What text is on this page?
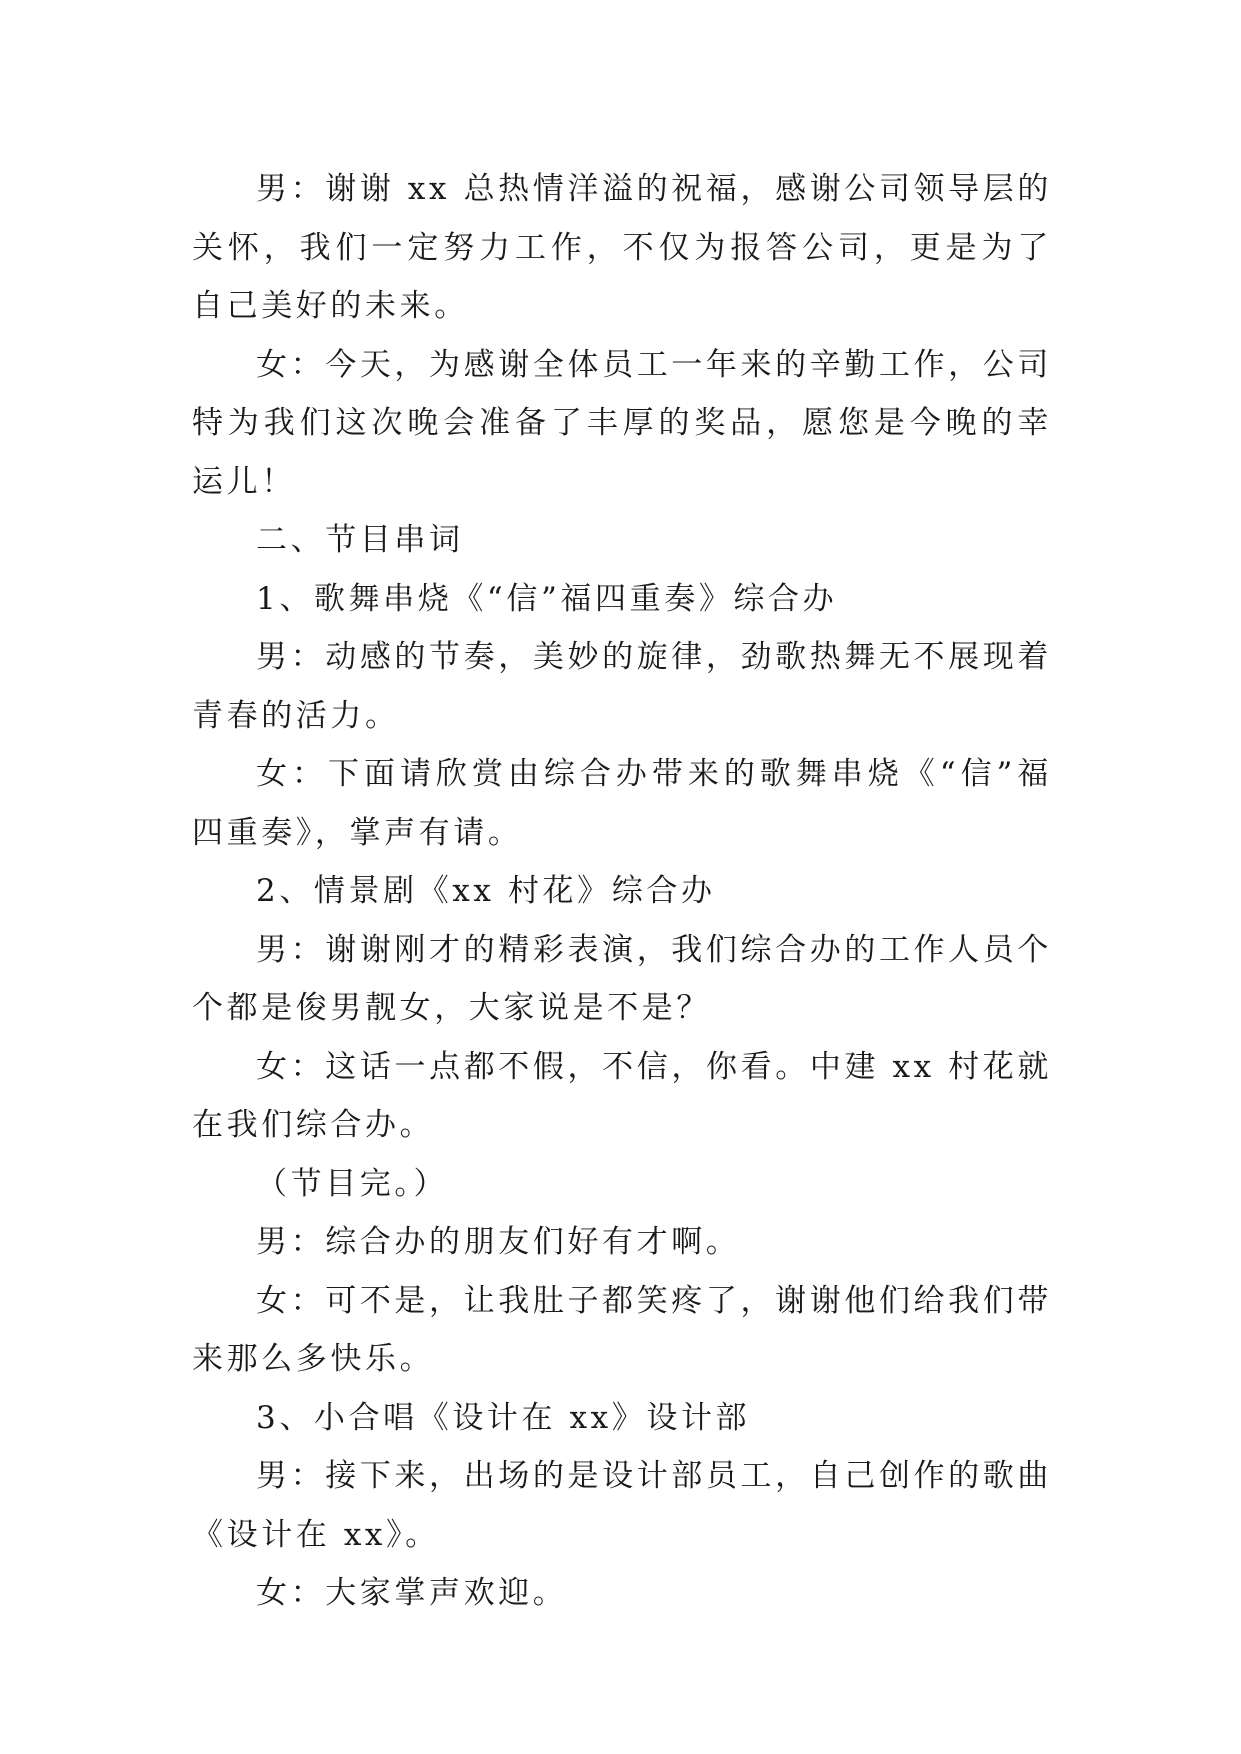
男：谢谢 xx 总热情洋溢的祝福，感谢公司领导层的关怀，我们一定努力工作，不仅为报答公司，更是为了自己美好的未来。

女：今天，为感谢全体员工一年来的辛勤工作，公司特为我们这次晚会准备了丰厚的奖品，愿您是今晚的幸运儿！

二、节目串词

1、歌舞串烧《“信”福四重奏》综合办

男：动感的节奏，美妙的旋律，劲歌热舞无不展现着青春的活力。

女：下面请欣赏由综合办带来的歌舞串烧《“信”福四重奏》，掌声有请。

2、情景剧《xx 村花》综合办

男：谢谢刚才的精彩表演，我们综合办的工作人员个个都是俊男靓女，大家说是不是？

女：这话一点都不假，不信，你看。中建 xx 村花就在我们综合办。

（节目完。）

男：综合办的朋友们好有才啊。

女：可不是，让我肚子都笑疼了，谢谢他们给我们带来那么多快乐。

3、小合唱《设计在 xx》设计部

男：接下来，出场的是设计部员工，自己创作的歌曲《设计在 xx》。

女：大家掌声欢迎。
